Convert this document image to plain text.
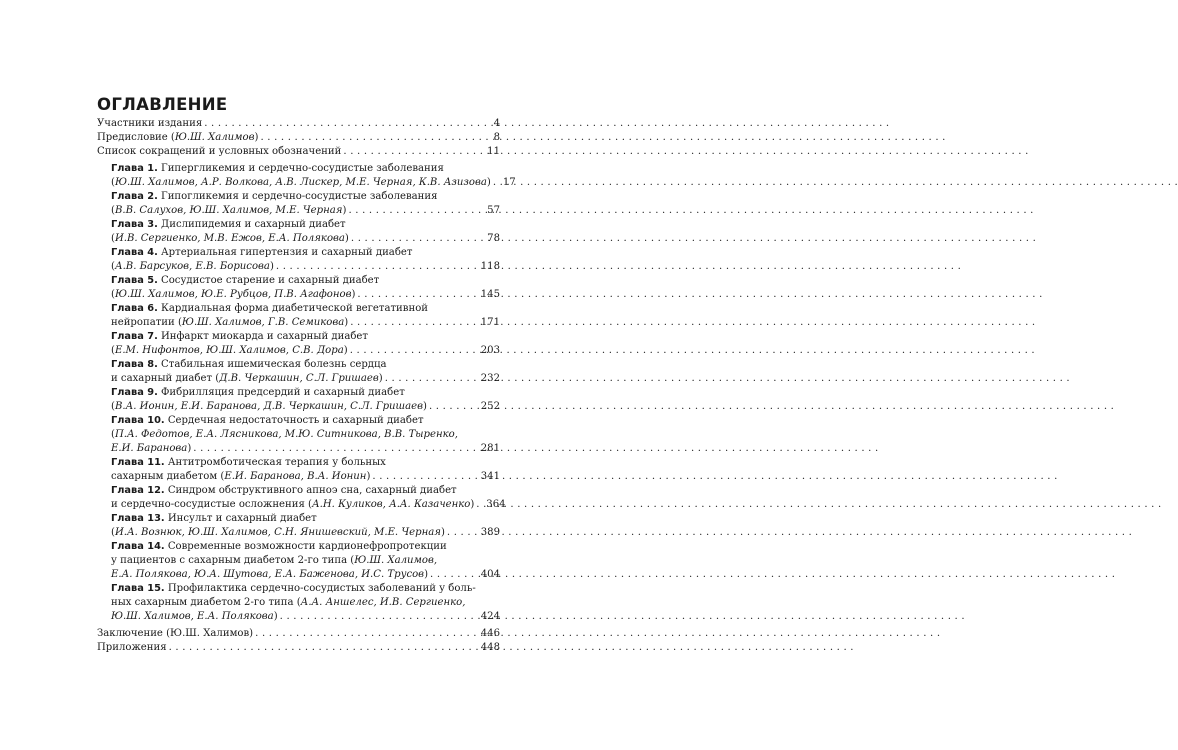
ОГЛАВЛЕНИЕ
Участники издания . . .	4
Предисловие (Ю.Ш. Халимов) . . .	8
Список сокращений и условных обозначений . . .	11
Глава 1. Гипергликемия и сердечно-сосудистые заболевания
(Ю.Ш. Халимов, А.Р. Волкова, А.В. Лискер, М.Е. Черная, К.В. Азизова) . . . 17
Глава 2. Гипогликемия и сердечно-сосудистые заболевания
(В.В. Салухов, Ю.Ш. Халимов, М.Е. Черная) . . .	57
Глава 3. Дислипидемия и сахарный диабет
(И.В. Сергиенко, М.В. Ежов, Е.А. Полякова) . . .	78
Глава 4. Артериальная гипертензия и сахарный диабет
(А.В. Барсуков, Е.В. Борисова) . . .	118
Глава 5. Сосудистое старение и сахарный диабет
(Ю.Ш. Халимов, Ю.Е. Рубцов, П.В. Агафонов) . . .	145
Глава 6. Кардиальная форма диабетической вегетативной
нейропатии (Ю.Ш. Халимов, Г.В. Семикова) . . .	171
Глава 7. Инфаркт миокарда и сахарный диабет
(Е.М. Нифонтов, Ю.Ш. Халимов, С.В. Дора) . . .	203
Глава 8. Стабильная ишемическая болезнь сердца
и сахарный диабет (Д.В. Черкашин, С.Л. Гришаев) . . .	232
Глава 9. Фибрилляция предсердий и сахарный диабет
(В.А. Ионин, Е.И. Баранова, Д.В. Черкашин, С.Л. Гришаев) . . .	252
Глава 10. Сердечная недостаточность и сахарный диабет
(П.А. Федотов, Е.А. Лясникова, М.Ю. Ситникова, В.В. Тыренко,
Е.И. Баранова) . . .	281
Глава 11. Антитромботическая терапия у больных
сахарным диабетом (Е.И. Баранова, В.А. Ионин) . . .	341
Глава 12. Синдром обструктивного апноэ сна, сахарный диабет
и сердечно-сосудистые осложнения (А.Н. Куликов, А.А. Казаченко) . . . 364
Глава 13. Инсульт и сахарный диабет
(И.А. Вознюк, Ю.Ш. Халимов, С.Н. Янишевский, М.Е. Черная) . . .	389
Глава 14. Современные возможности кардионефропротекции
у пациентов с сахарным диабетом 2-го типа (Ю.Ш. Халимов,
Е.А. Полякова, Ю.А. Шутова, Е.А. Баженова, И.С. Трусов) . . .	404
Глава 15. Профилактика сердечно-сосудистых заболеваний у боль-
ных сахарным диабетом 2-го типа (А.А. Аншелес, И.В. Сергиенко,
Ю.Ш. Халимов, Е.А. Полякова) . . .	424
Заключение (Ю.Ш. Халимов) . . .	446
Приложения . . .	448
